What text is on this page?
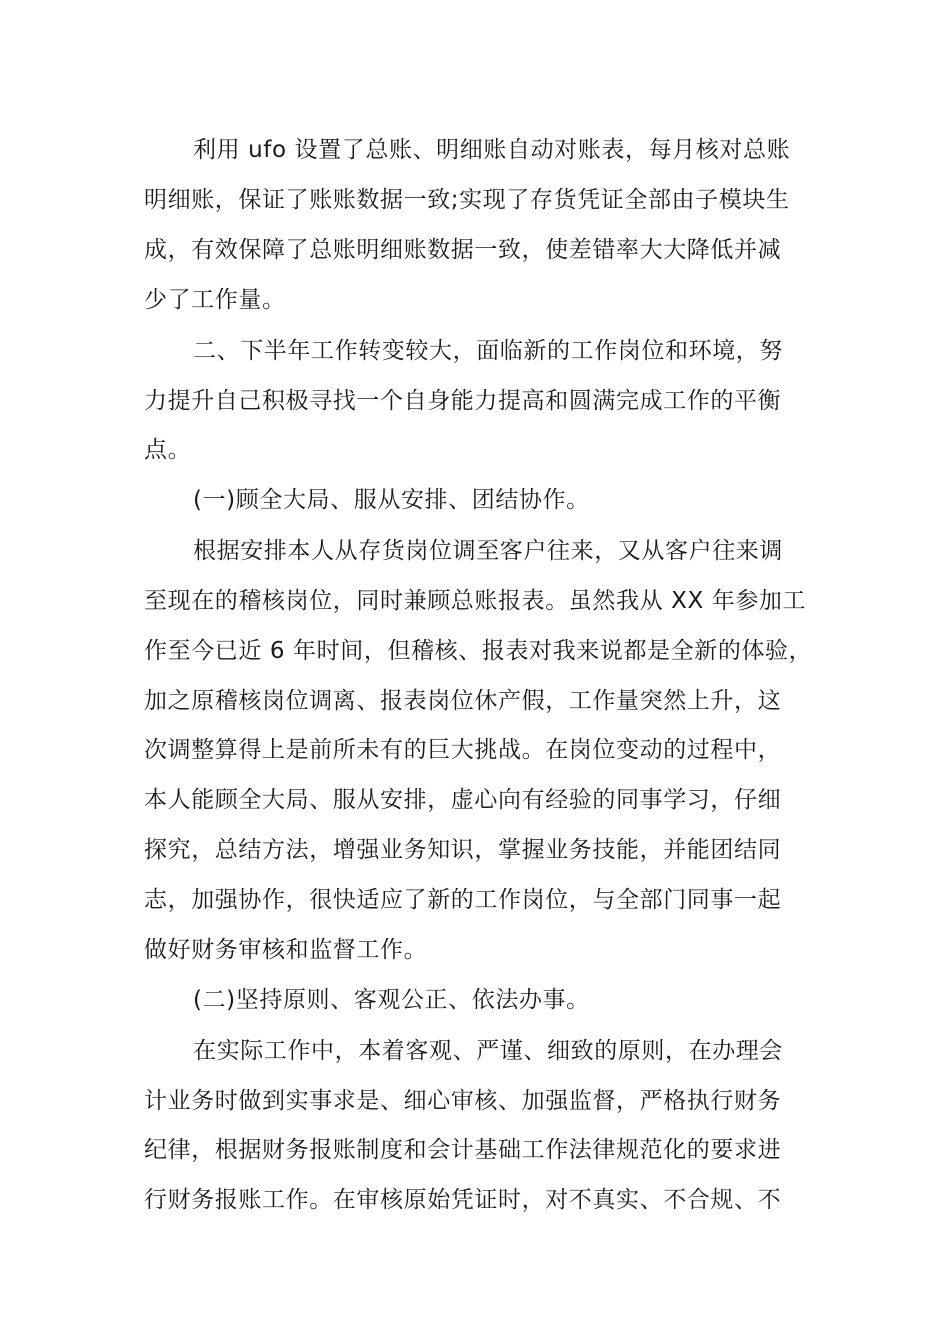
利用 ufo 设置了总账、明细账自动对账表，每月核对总账
明细账，保证了账账数据一致;实现了存货凭证全部由子模块生
成，有效保障了总账明细账数据一致，使差错率大大降低并减
少了工作量。
二、下半年工作转变较大，面临新的工作岗位和环境，努
力提升自己积极寻找一个自身能力提高和圆满完成工作的平衡
点。
(一)顾全大局、服从安排、团结协作。
根据安排本人从存货岗位调至客户往来，又从客户往来调
至现在的稽核岗位，同时兼顾总账报表。虽然我从 XX 年参加工
作至今已近 6 年时间，但稽核、报表对我来说都是全新的体验，
加之原稽核岗位调离、报表岗位休产假，工作量突然上升，这
次调整算得上是前所未有的巨大挑战。在岗位变动的过程中，
本人能顾全大局、服从安排，虚心向有经验的同事学习，仔细
探究，总结方法，增强业务知识，掌握业务技能，并能团结同
志，加强协作，很快适应了新的工作岗位，与全部门同事一起
做好财务审核和监督工作。
(二)坚持原则、客观公正、依法办事。
在实际工作中，本着客观、严谨、细致的原则，在办理会
计业务时做到实事求是、细心审核、加强监督，严格执行财务
纪律，根据财务报账制度和会计基础工作法律规范化的要求进
行财务报账工作。在审核原始凭证时，对不真实、不合规、不
